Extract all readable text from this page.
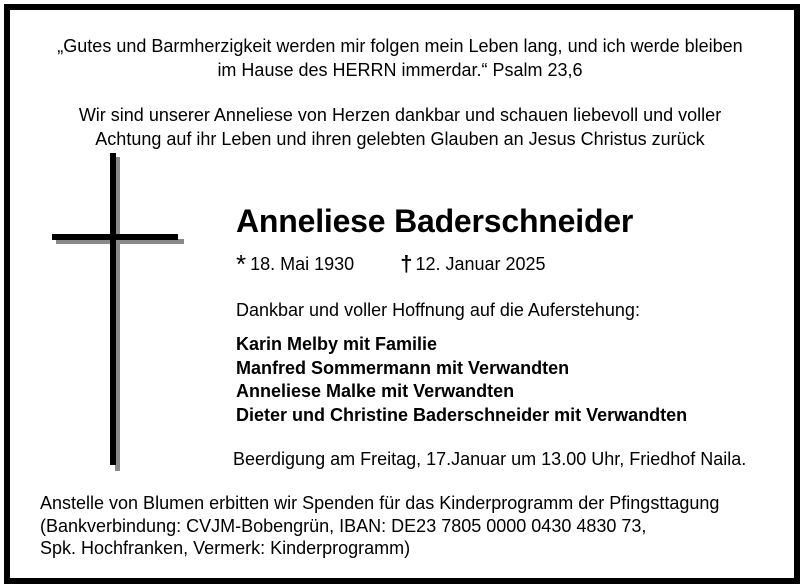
„Gutes und Barmherzigkeit werden mir folgen mein Leben lang, und ich werde bleiben
im Hause des HERRN immerdar.“ Psalm 23,6
Wir sind unserer Anneliese von Herzen dankbar und schauen liebevoll und voller
Achtung auf ihr Leben und ihren gelebten Glauben an Jesus Christus zurück
Anneliese Baderschneider
* 18. Mai 1930 † 12. Januar 2025
Dankbar und voller Hoffnung auf die Auferstehung:
Karin Melby mit Familie
Manfred Sommermann mit Verwandten
Anneliese Malke mit Verwandten
Dieter und Christine Baderschneider mit Verwandten
Beerdigung am Freitag, 17.Januar um 13.00 Uhr, Friedhof Naila.
Anstelle von Blumen erbitten wir Spenden für das Kinderprogramm der Pfingsttagung
(Bankverbindung: CVJM-Bobengrün, IBAN: DE23 7805 0000 0430 4830 73,
Spk. Hochfranken, Vermerk: Kinderprogramm)
